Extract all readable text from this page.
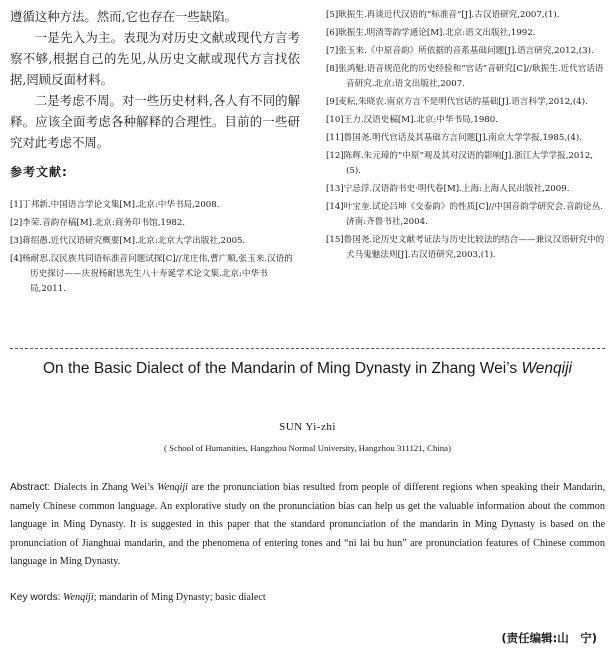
遵循这种方法。然而,它也存在一些缺陷。

一是先入为主。表现为对历史文献或现代方言考察不够,根据自己的先见,从历史文献或现代方言找依据,罔顾反面材料。

二是考虑不周。对一些历史材料,各人有不同的解释。应该全面考虑各种解释的合理性。目前的一些研究对此考虑不周。

参考文献:

[1]丁邦新.中国语言学论文集[M].北京:中华书局,2008.

[2]李荣.音韵存稿[M].北京:商务印书馆,1982.

[3]蒋绍愚.近代汉语研究概要[M].北京:北京大学出版社,2005.

[4]杨耐思.汉民族共同语标准音问题试探[C]//龙庄伟,曹广顺,张玉来.汉语的历史探讨——庆祝杨耐思先生八十寿诞学术论文集.北京:中华书局,2011.

[5]耿振生.再谈近代汉语的“标准音”[J].古汉语研究,2007,(1).

[6]耿振生.明清等韵学通论[M].北京:语文出版社,1992.

[7]张玉来.《中原音韵》所依据的音系基础问题[J].语言研究,2012,(3).

[8]张鸿魁.语音规范化的历史经验和“官话”音研究[C]//耿振生.近代官话语音研究.北京:语文出版社,2007.

[9]麦耘,朱晓农.南京方言不是明代官话的基础[J].语言科学,2012,(4).

[10]王力.汉语史稿[M].北京:中华书局,1980.

[11]鲁国尧.明代官话及其基础方言问题[J].南京大学学报,1985,(4).

[12]陈辉.朱元璋的“中原”观及其对汉语的影响[J].浙江大学学报,2012,(5).

[13]宁忌浮.汉语韵书史·明代卷[M].上海:上海人民出版社,2009.

[14]叶宝奎.试论吕坤《交泰韵》的性质[C]//中国音韵学研究会.音韵论丛.济南:齐鲁书社,2004.

[15]鲁国尧.论历史文献考证法与历史比较法的结合——兼议汉语研究中的犬马鬼魅法则[J].古汉语研究,2003,(1).

On the Basic Dialect of the Mandarin of Ming Dynasty in Zhang Wei’s Wenqiji
SUN Yi-zhi
( School of Humanities, Hangzhou Normal University, Hangzhou 311121, China)

Abstract: Dialects in Zhang Wei’s Wenqiji are the pronunciation bias resulted from people of different regions when speaking their Mandarin, namely Chinese common language. An explorative study on the pronunciation bias can help us get the valuable information about the common language in Ming Dynasty. It is suggested in this paper that the standard pronunciation of the mandarin in Ming Dynasty is based on the pronunciation of Jianghuai mandarin, and the phenomena of entering tones and “ni lai bu hun” are pronunciation features of Chinese common language in Ming Dynasty.

Key words: Wenqiji; mandarin of Ming Dynasty; basic dialect

(责任编辑:山　宁)
